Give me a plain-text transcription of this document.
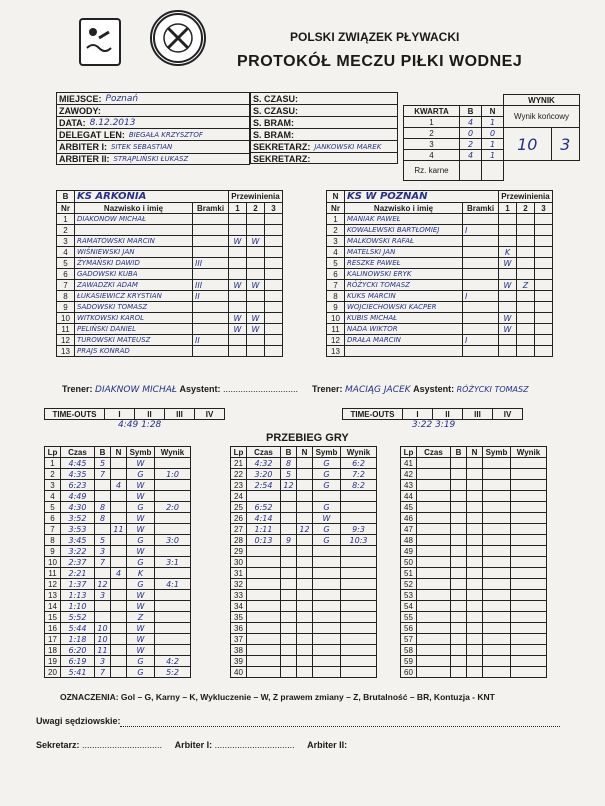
POLSKI ZWIĄZEK PŁYWACKI
PROTOKÓŁ MECZU PIŁKI WODNEJ
MIEJSCE: Poznań
ZAWODY:
DATA: 8.12.2013
DELEGAT LEN: BIEGAŁA KRZYSZTOF
ARBITER I: SITEK SEBASTIAN
ARBITER II: STRĄPLIŃSKI ŁUKASZ
S. CZASU:
S. CZASU:
S. BRAM:
S. BRAM:
SEKRETARZ: JANKOWSKI MAREK
SEKRETARZ:
			WYNIK	
KWARTA	B	N	Wynik końcowy	
1	4	1		
2	0	0	10	3
3	2	1		
4	4	1		
Rz. karne				
B	KS ARKONIA		Przewinienia		
Nr	Nazwisko i imię	Bramki	1	2	3
1	DIAKONOW MICHAŁ				
2					
3	RAMATOWSKI MARCIN		W	W	
4	WIŚNIEWSKI JAN				
5	ŻYMAŃSKI DAWID	III			
6	GADOWSKI KUBA				
7	ZAWADZKI ADAM	III	W	W	
8	ŁUKASIEWICZ KRYSTIAN	II			
9	SADOWSKI TOMASZ				
10	WITKOWSKI KAROL		W	W	
11	PELIŃSKI DANIEL		W	W	
12	TUROWSKI MATEUSZ	II			
13	PRAJS KONRAD				
N	KS W POZNAŃ		Przewinienia		
Nr	Nazwisko i imię	Bramki	1	2	3
1	MANIAK PAWEŁ				
2	KOWALEWSKI BARTŁOMIEJ	I			
3	MALKOWSKI RAFAŁ				
4	MATELSKI JAN		K		
5	RESZKE PAWEŁ		W		
6	KALINOWSKI ERYK				
7	RÓŻYCKI TOMASZ		W	Z	
8	KUKS MARCIN	I			
9	WOJCIECHOWSKI KACPER				
10	KUBIS MICHAŁ		W		
11	NADA WIKTOR		W		
12	DRAŁA MARCIN	I			
13					
Trener: DIAKNOW MICHAŁ Asystent: .............................. Trener: MACIĄG JACEK Asystent: RÓŻYCKI TOMASZ
TIME-OUTS	I	II	III	IV
4:49 1:28
TIME-OUTS	I	II	III	IV
3:22 3:19
PRZEBIEG GRY
Lp	Czas	B	N	Symb	Wynik
1	4:45	5		W	
2	4:35	7		G	1:0
3	6:23		4	W	
4	4:49			W	
5	4:30	8		G	2:0
6	3:52	8		W	
7	3:53		11	W	
8	3:45	5		G	3:0
9	3:22	3		W	
10	2:37	7		G	3:1
11	2:21		4	K	
12	1:37	12		G	4:1
13	1:13	3		W	
14	1:10			W	
15	5:52			Z	
16	5:44	10		W	
17	1:18	10		W	
18	6:20	11		W	
19	6:19	3		G	4:2
20	5:41	7		G	5:2
Lp	Czas	B	N	Symb	Wynik
21	4:32	8		G	6:2
22	3:20	5		G	7:2
23	2:54	12		G	8:2
24					
25	6:52			G	
26	4:14			W	
27	1:11		12	G	9:3
28	0:13	9		G	10:3
29					
30					
31					
32					
33					
34					
35					
36					
37					
38					
39					
40					
Lp	Czas	B	N	Symb	Wynik
41					
42					
43					
44					
45					
46					
47					
48					
49					
50					
51					
52					
53					
54					
55					
56					
57					
58					
59					
60					
OZNACZENIA: Gol – G, Karny – K, Wykluczenie – W, Z prawem zmiany – Z, Brutalność – BR, Kontuzja - KNT
Uwagi sędziowskie:
Sekretarz: ................................ Arbiter I: ................................ Arbiter II:
